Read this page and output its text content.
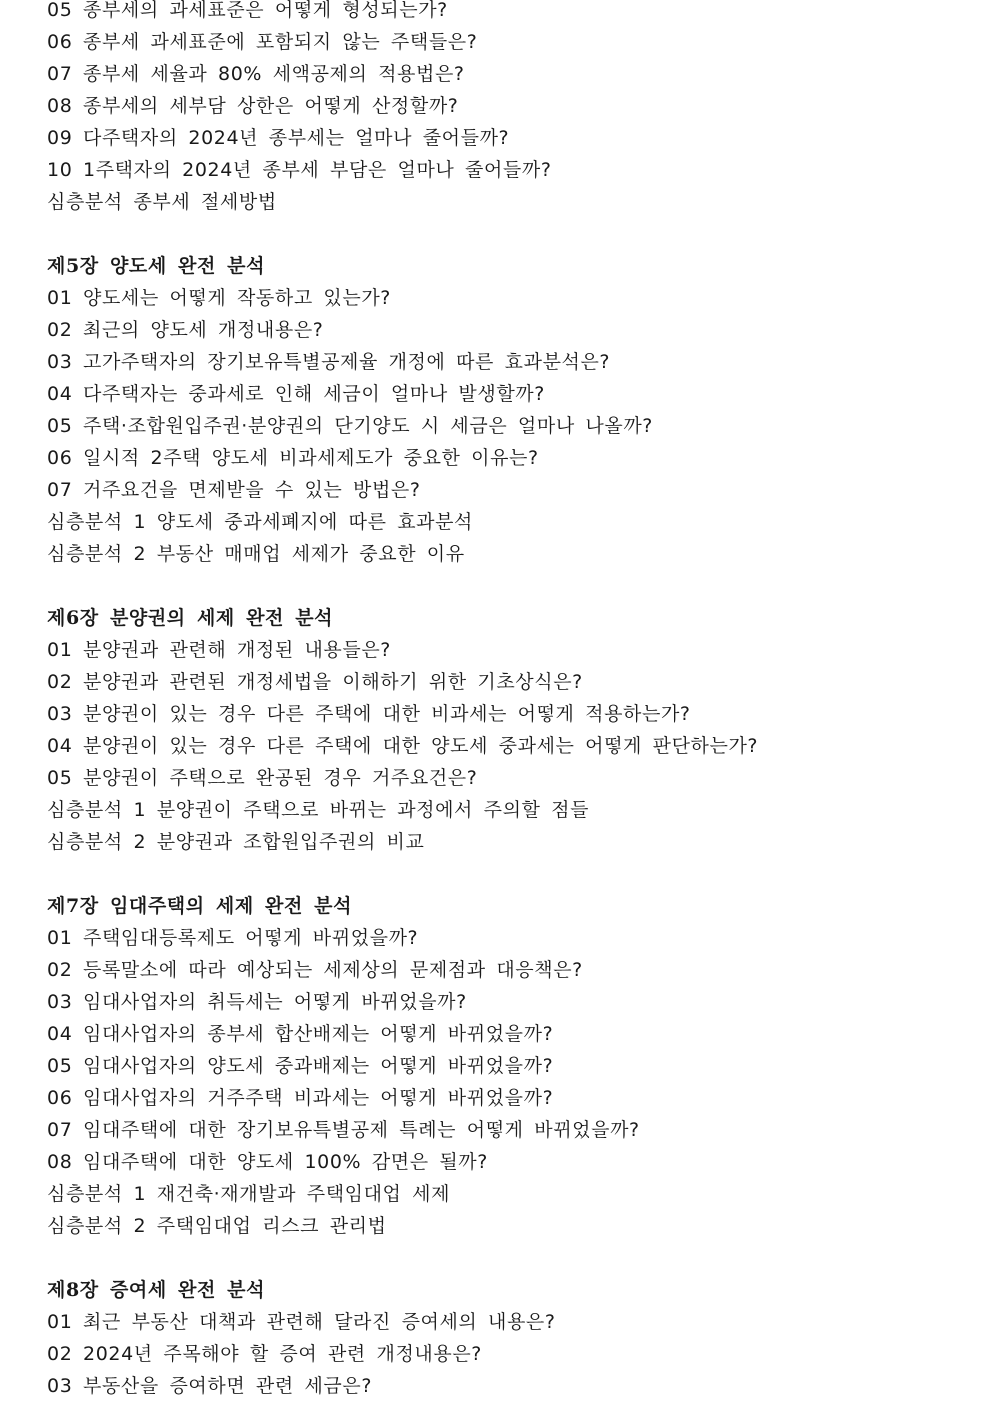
05 종부세의 과세표준은 어떻게 형성되는가?
06 종부세 과세표준에 포함되지 않는 주택들은?
07 종부세 세율과 80% 세액공제의 적용법은?
08 종부세의 세부담 상한은 어떻게 산정할까?
09 다주택자의 2024년 종부세는 얼마나 줄어들까?
10 1주택자의 2024년 종부세 부담은 얼마나 줄어들까?
심층분석 종부세 절세방법
제5장 양도세 완전 분석
01 양도세는 어떻게 작동하고 있는가?
02 최근의 양도세 개정내용은?
03 고가주택자의 장기보유특별공제율 개정에 따른 효과분석은?
04 다주택자는 중과세로 인해 세금이 얼마나 발생할까?
05 주택·조합원입주권·분양권의 단기양도 시 세금은 얼마나 나올까?
06 일시적 2주택 양도세 비과세제도가 중요한 이유는?
07 거주요건을 면제받을 수 있는 방법은?
심층분석 1 양도세 중과세폐지에 따른 효과분석
심층분석 2 부동산 매매업 세제가 중요한 이유
제6장 분양권의 세제 완전 분석
01 분양권과 관련해 개정된 내용들은?
02 분양권과 관련된 개정세법을 이해하기 위한 기초상식은?
03 분양권이 있는 경우 다른 주택에 대한 비과세는 어떻게 적용하는가?
04 분양권이 있는 경우 다른 주택에 대한 양도세 중과세는 어떻게 판단하는가?
05 분양권이 주택으로 완공된 경우 거주요건은?
심층분석 1 분양권이 주택으로 바뀌는 과정에서 주의할 점들
심층분석 2 분양권과 조합원입주권의 비교
제7장 임대주택의 세제 완전 분석
01 주택임대등록제도 어떻게 바뀌었을까?
02 등록말소에 따라 예상되는 세제상의 문제점과 대응책은?
03 임대사업자의 취득세는 어떻게 바뀌었을까?
04 임대사업자의 종부세 합산배제는 어떻게 바뀌었을까?
05 임대사업자의 양도세 중과배제는 어떻게 바뀌었을까?
06 임대사업자의 거주주택 비과세는 어떻게 바뀌었을까?
07 임대주택에 대한 장기보유특별공제 특례는 어떻게 바뀌었을까?
08 임대주택에 대한 양도세 100% 감면은 될까?
심층분석 1 재건축·재개발과 주택임대업 세제
심층분석 2 주택임대업 리스크 관리법
제8장 증여세 완전 분석
01 최근 부동산 대책과 관련해 달라진 증여세의 내용은?
02 2024년 주목해야 할 증여 관련 개정내용은?
03 부동산을 증여하면 관련 세금은?
